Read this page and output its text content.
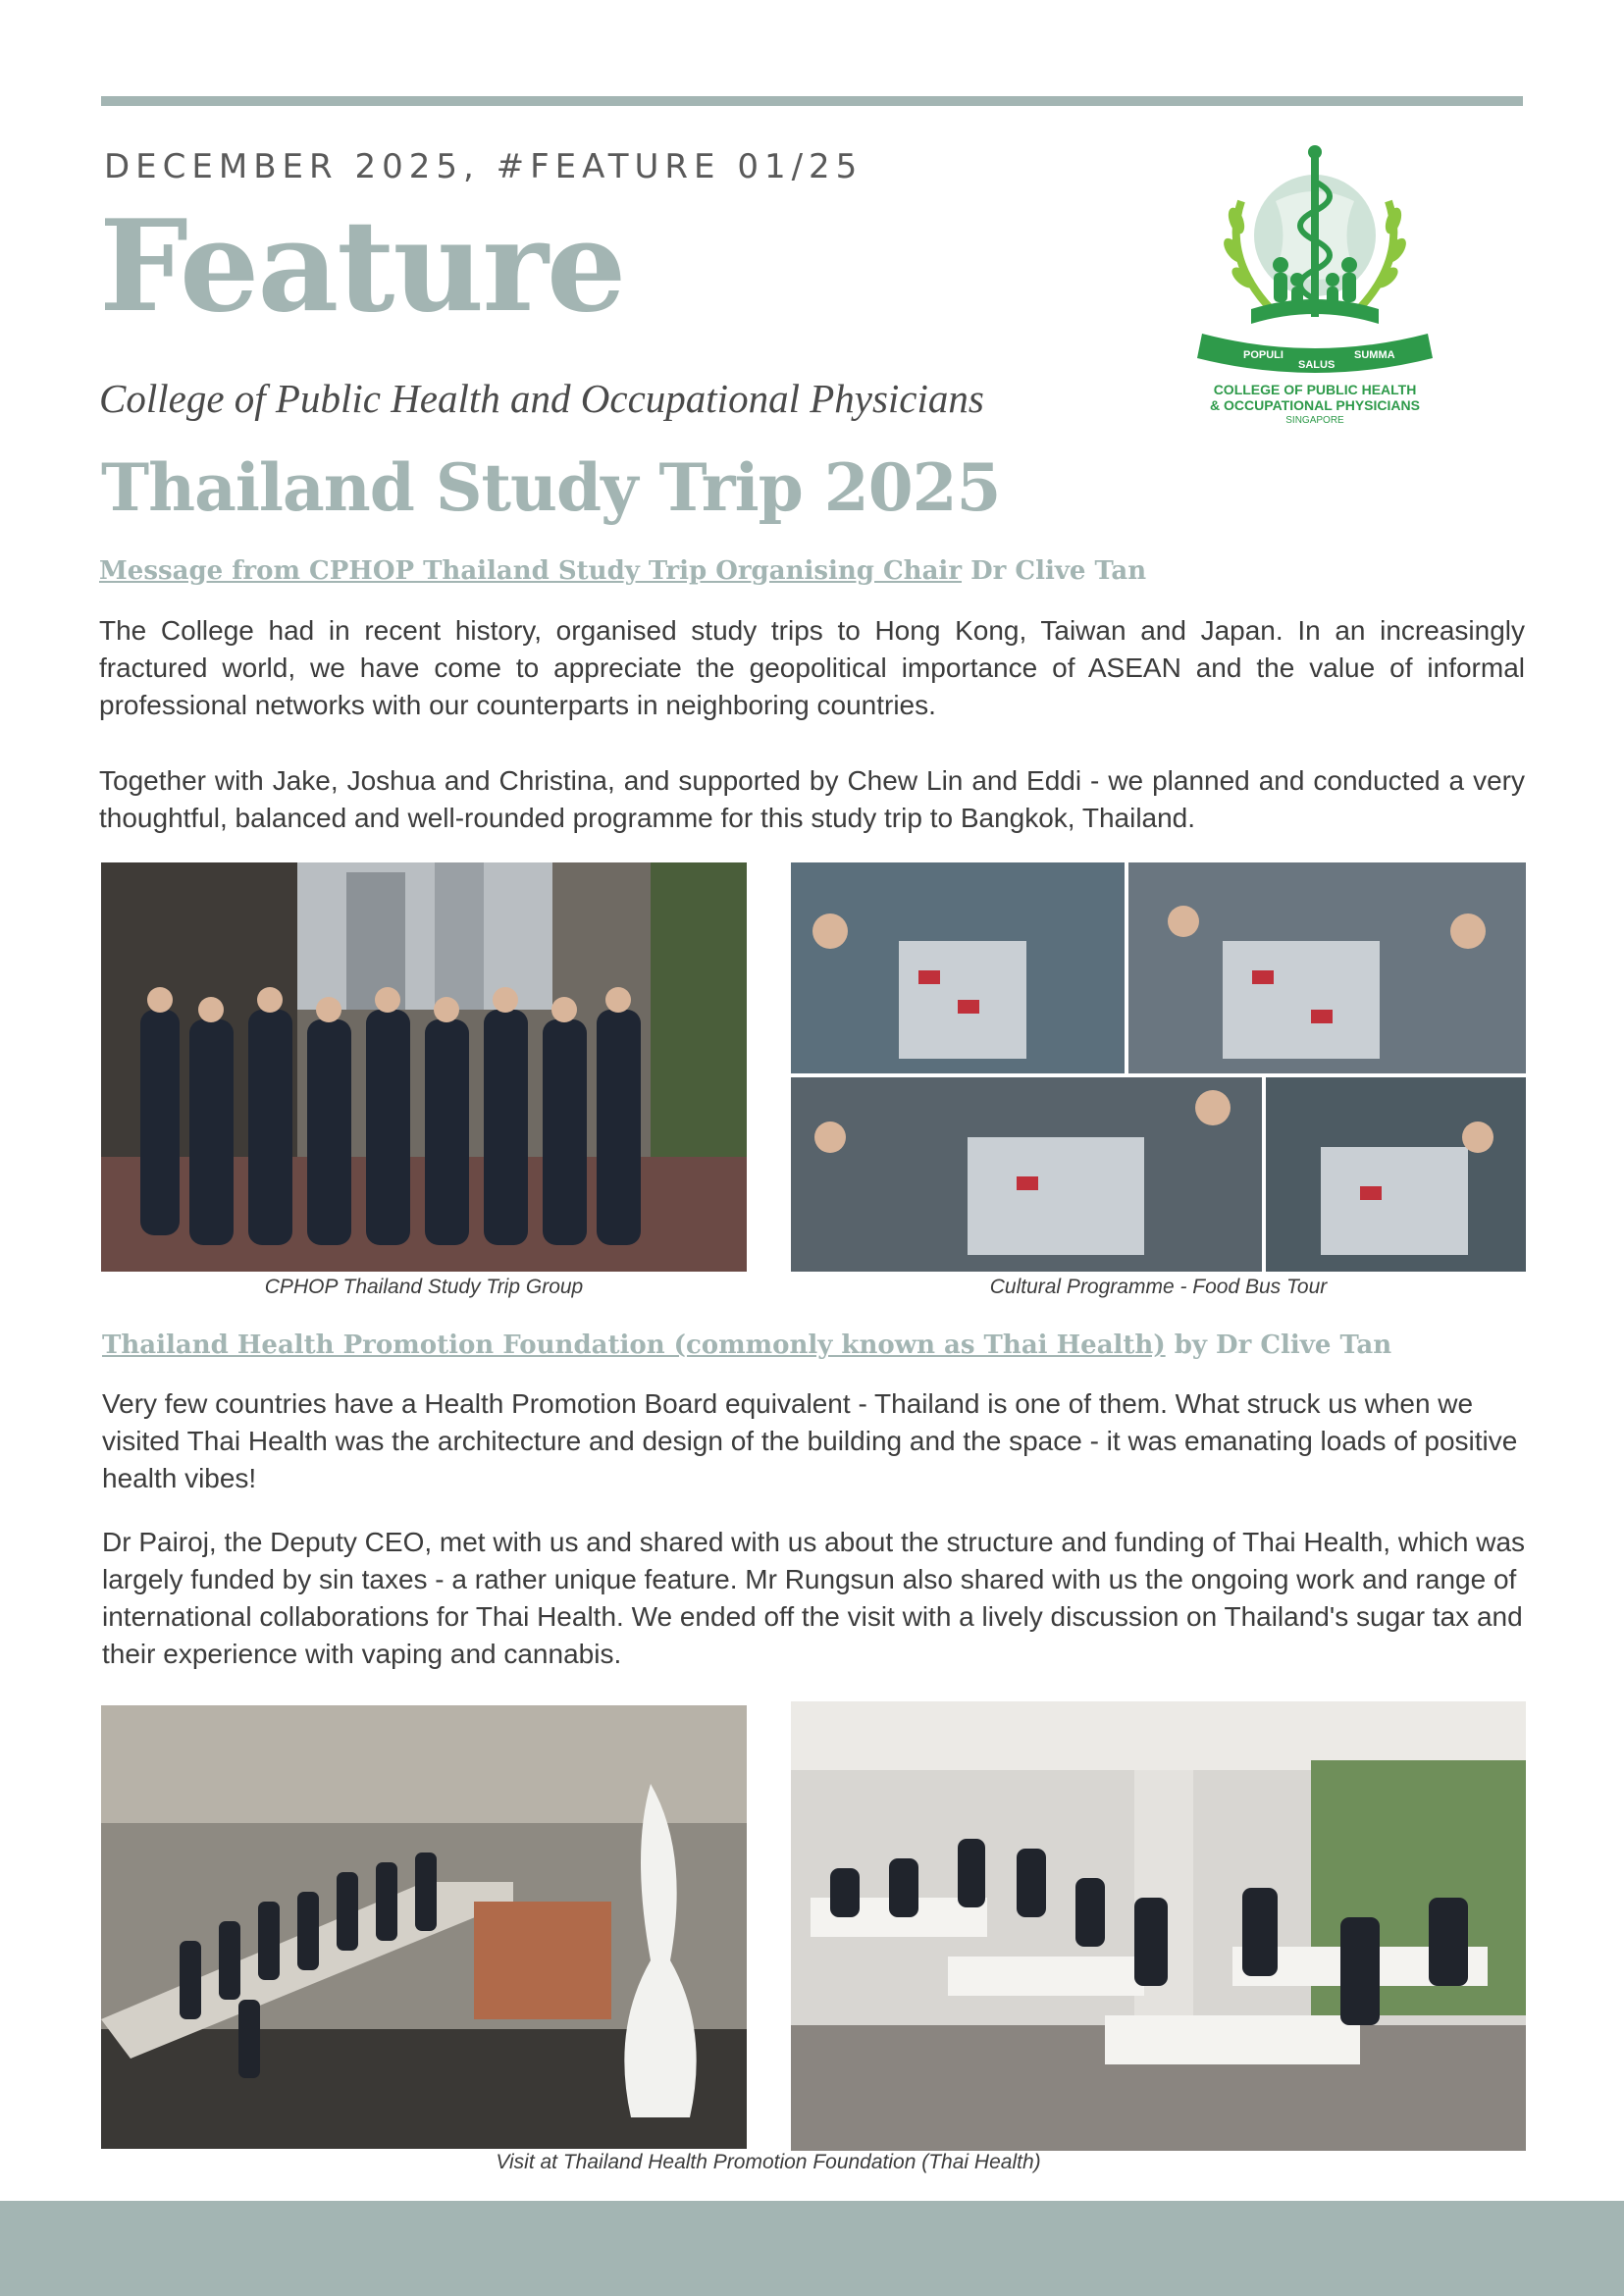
DECEMBER 2025, #FEATURE 01/25
Feature
College of Public Health and Occupational Physicians
Thailand Study Trip 2025
POPULI
SALUS
SUMMA
COLLEGE OF PUBLIC HEALTH
& OCCUPATIONAL PHYSICIANS
SINGAPORE
Message from CPHOP Thailand Study Trip Organising Chair Dr Clive Tan
The College had in recent history, organised study trips to Hong Kong, Taiwan and Japan. In an increasingly fractured world, we have come to appreciate the geopolitical importance of ASEAN and the value of informal professional networks with our counterparts in neighboring countries.
Together with Jake, Joshua and Christina, and supported by Chew Lin and Eddi - we planned and conducted a very thoughtful, balanced and well-rounded programme for this study trip to Bangkok, Thailand.
CPHOP Thailand Study Trip Group	Cultural Programme - Food Bus Tour
Thailand Health Promotion Foundation (commonly known as Thai Health) by Dr Clive Tan
Very few countries have a Health Promotion Board equivalent - Thailand is one of them. What struck us when we visited Thai Health was the architecture and design of the building and the space - it was emanating loads of positive health vibes!
Dr Pairoj, the Deputy CEO, met with us and shared with us about the structure and funding of Thai Health, which was largely funded by sin taxes - a rather unique feature. Mr Rungsun also shared with us the ongoing work and range of international collaborations for Thai Health. We ended off the visit with a lively discussion on Thailand's sugar tax and their experience with vaping and cannabis.
Visit at Thailand Health Promotion Foundation (Thai Health)
